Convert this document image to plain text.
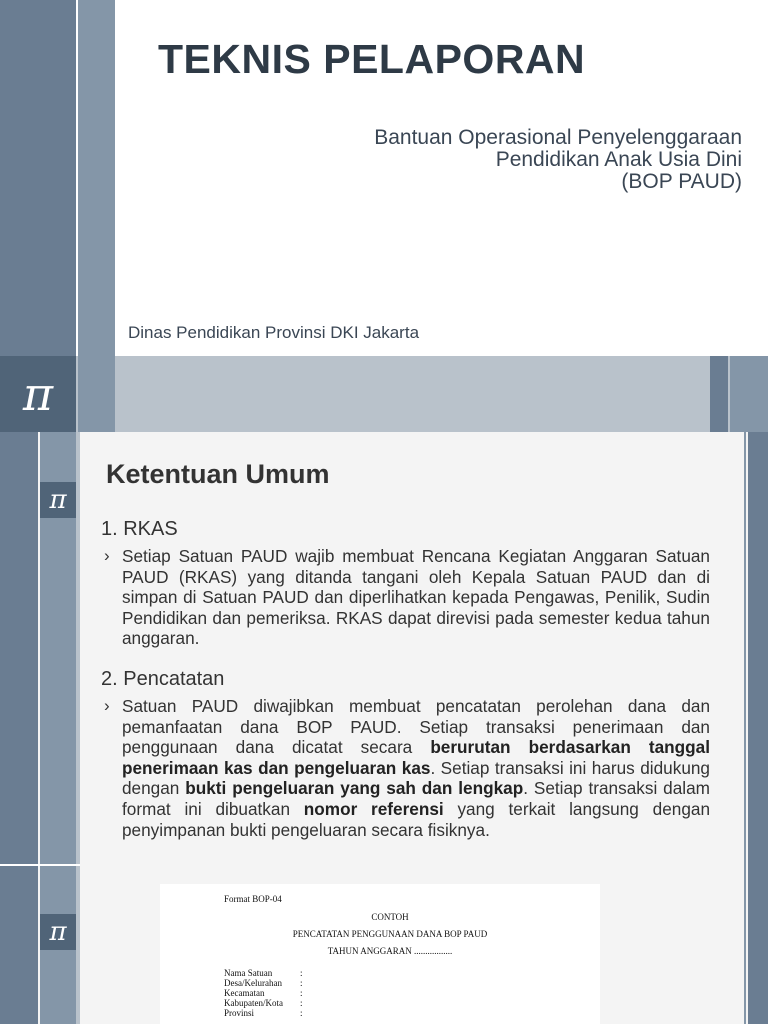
π
TEKNIS PELAPORAN
Bantuan Operasional Penyelenggaraan
Pendidikan Anak Usia Dini
(BOP PAUD)
Dinas Pendidikan Provinsi DKI Jakarta
π
π
Ketentuan Umum
1. RKAS
› Setiap Satuan PAUD wajib membuat Rencana Kegiatan Anggaran Satuan PAUD (RKAS) yang ditanda tangani oleh Kepala Satuan PAUD dan di simpan di Satuan PAUD dan diperlihatkan kepada Pengawas, Penilik, Sudin Pendidikan dan pemeriksa. RKAS dapat direvisi pada semester kedua tahun anggaran.
2. Pencatatan
› Satuan PAUD diwajibkan membuat pencatatan perolehan dana dan pemanfaatan dana BOP PAUD. Setiap transaksi penerimaan dan penggunaan dana dicatat secara berurutan berdasarkan tanggal penerimaan kas dan pengeluaran kas. Setiap transaksi ini harus didukung dengan bukti pengeluaran yang sah dan lengkap. Setiap transaksi dalam format ini dibuatkan nomor referensi yang terkait langsung dengan penyimpanan bukti pengeluaran secara fisiknya.
Format BOP-04
CONTOH
PENCATATAN PENGGUNAAN DANA BOP PAUD
TAHUN ANGGARAN .................
Nama Satuan	:
Desa/Kelurahan :
Kecamatan	:
Kabupaten/Kota :
Provinsi	:
